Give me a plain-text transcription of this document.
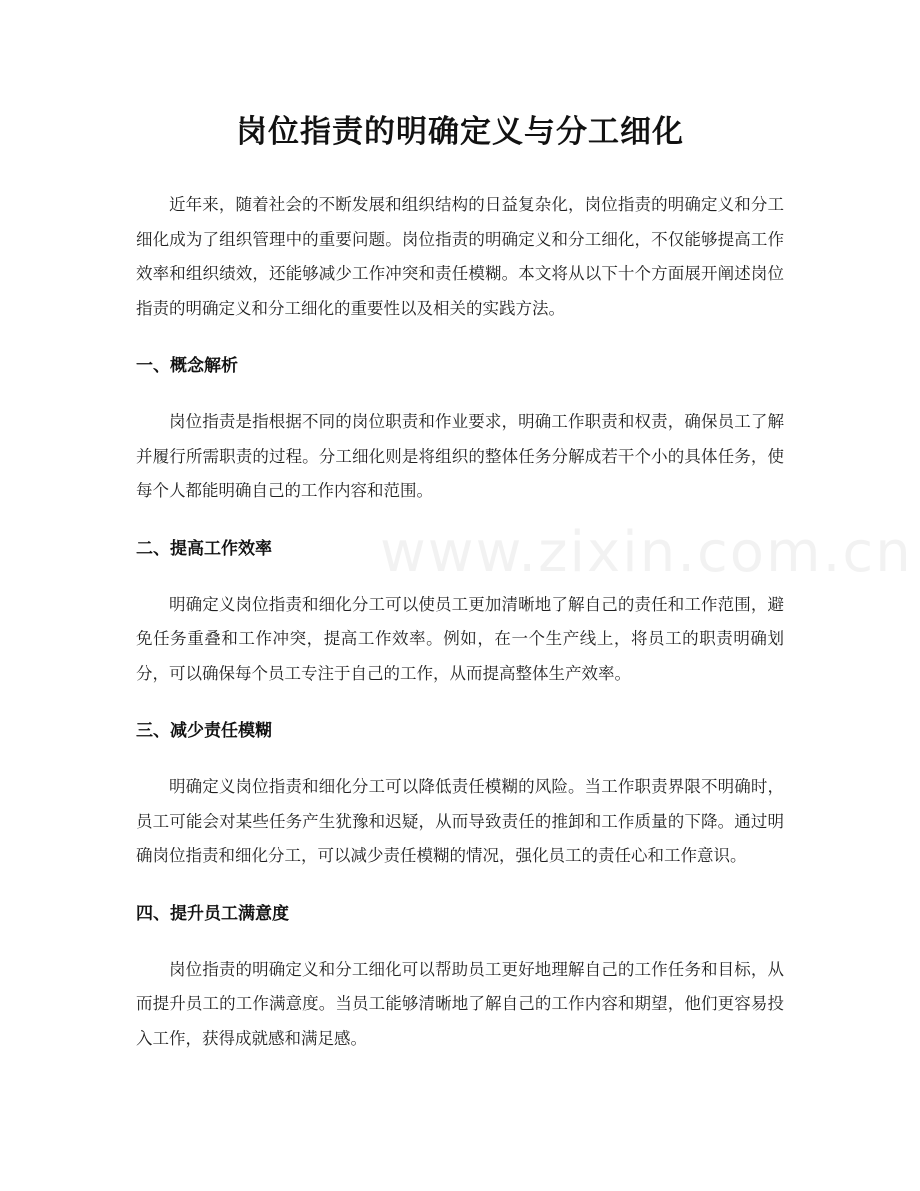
岗位指责的明确定义与分工细化

近年来，随着社会的不断发展和组织结构的日益复杂化，岗位指责的明确定义和分工细化成为了组织管理中的重要问题。岗位指责的明确定义和分工细化，不仅能够提高工作效率和组织绩效，还能够减少工作冲突和责任模糊。本文将从以下十个方面展开阐述岗位指责的明确定义和分工细化的重要性以及相关的实践方法。

一、概念解析

岗位指责是指根据不同的岗位职责和作业要求，明确工作职责和权责，确保员工了解并履行所需职责的过程。分工细化则是将组织的整体任务分解成若干个小的具体任务，使每个人都能明确自己的工作内容和范围。

二、提高工作效率

明确定义岗位指责和细化分工可以使员工更加清晰地了解自己的责任和工作范围，避免任务重叠和工作冲突，提高工作效率。例如，在一个生产线上，将员工的职责明确划分，可以确保每个员工专注于自己的工作，从而提高整体生产效率。

三、减少责任模糊

明确定义岗位指责和细化分工可以降低责任模糊的风险。当工作职责界限不明确时，员工可能会对某些任务产生犹豫和迟疑，从而导致责任的推卸和工作质量的下降。通过明确岗位指责和细化分工，可以减少责任模糊的情况，强化员工的责任心和工作意识。

四、提升员工满意度

岗位指责的明确定义和分工细化可以帮助员工更好地理解自己的工作任务和目标，从而提升员工的工作满意度。当员工能够清晰地了解自己的工作内容和期望，他们更容易投入工作，获得成就感和满足感。

www.zixin.com.cn
